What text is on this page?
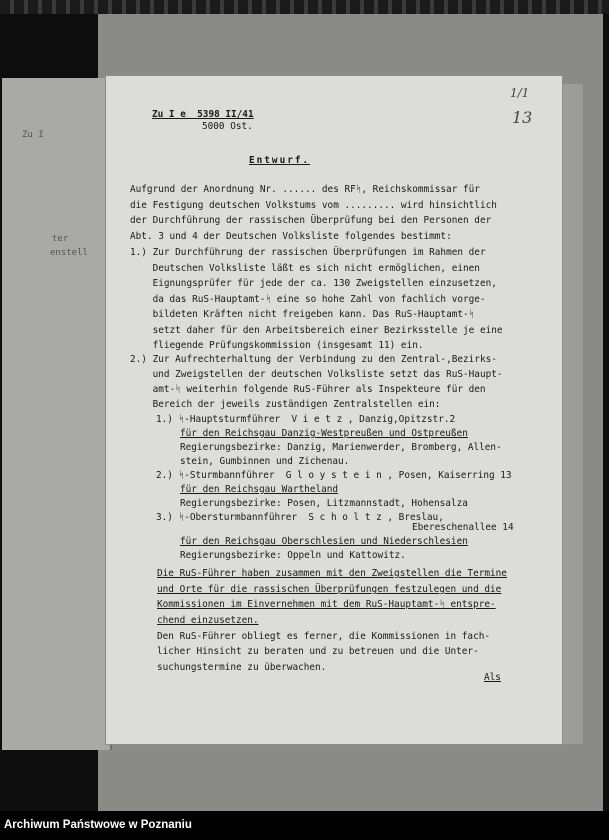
Zu I
ter
enstell
Zu I e  5398 II/41
5000 Ost.
1/1
13
Entwurf.
Aufgrund der Anordnung Nr. ...... des RFᛋ, Reichskommissar für
die Festigung deutschen Volkstums vom ......... wird hinsichtlich
der Durchführung der rassischen Überprüfung bei den Personen der
Abt. 3 und 4 der Deutschen Volksliste folgendes bestimmt:
1.) Zur Durchführung der rassischen Überprüfungen im Rahmen der
Deutschen Volksliste läßt es sich nicht ermöglichen, einen
Eignungsprüfer für jede der ca. 130 Zweigstellen einzusetzen,
da das RuS-Hauptamt-ᛋ eine so hohe Zahl von fachlich vorge-
bildeten Kräften nicht freigeben kann. Das RuS-Hauptamt-ᛋ
setzt daher für den Arbeitsbereich einer Bezirksstelle je eine
fliegende Prüfungskommission (insgesamt 11) ein.
2.) Zur Aufrechterhaltung der Verbindung zu den Zentral-,Bezirks-
und Zweigstellen der deutschen Volksliste setzt das RuS-Haupt-
amt-ᛋ weiterhin folgende RuS-Führer als Inspekteure für den
Bereich der jeweils zuständigen Zentralstellen ein:
1.) ᛋ-Hauptsturmführer  V i e t z , Danzig,Opitzstr.2
für den Reichsgau Danzig-Westpreußen und Ostpreußen
Regierungsbezirke: Danzig, Marienwerder, Bromberg, Allen-
stein, Gumbinnen und Zichenau.
2.) ᛋ-Sturmbannführer  G l o y s t e i n , Posen, Kaiserring 13
für den Reichsgau Wartheland
Regierungsbezirke: Posen, Litzmannstadt, Hohensalza
3.) ᛋ-Obersturmbannführer  S c h o l t z , Breslau,
Ebereschenallee 14
für den Reichsgau Oberschlesien und Niederschlesien
Regierungsbezirke: Oppeln und Kattowitz.
Die RuS-Führer haben zusammen mit den Zweigstellen die Termine
und Orte für die rassischen Überprüfungen festzulegen und die
Kommissionen im Einvernehmen mit dem RuS-Hauptamt-ᛋ entspre-
chend einzusetzen.
Den RuS-Führer obliegt es ferner, die Kommissionen in fach-
licher Hinsicht zu beraten und zu betreuen und die Unter-
suchungstermine zu überwachen.
Als
Archiwum Państwowe w Poznaniu
